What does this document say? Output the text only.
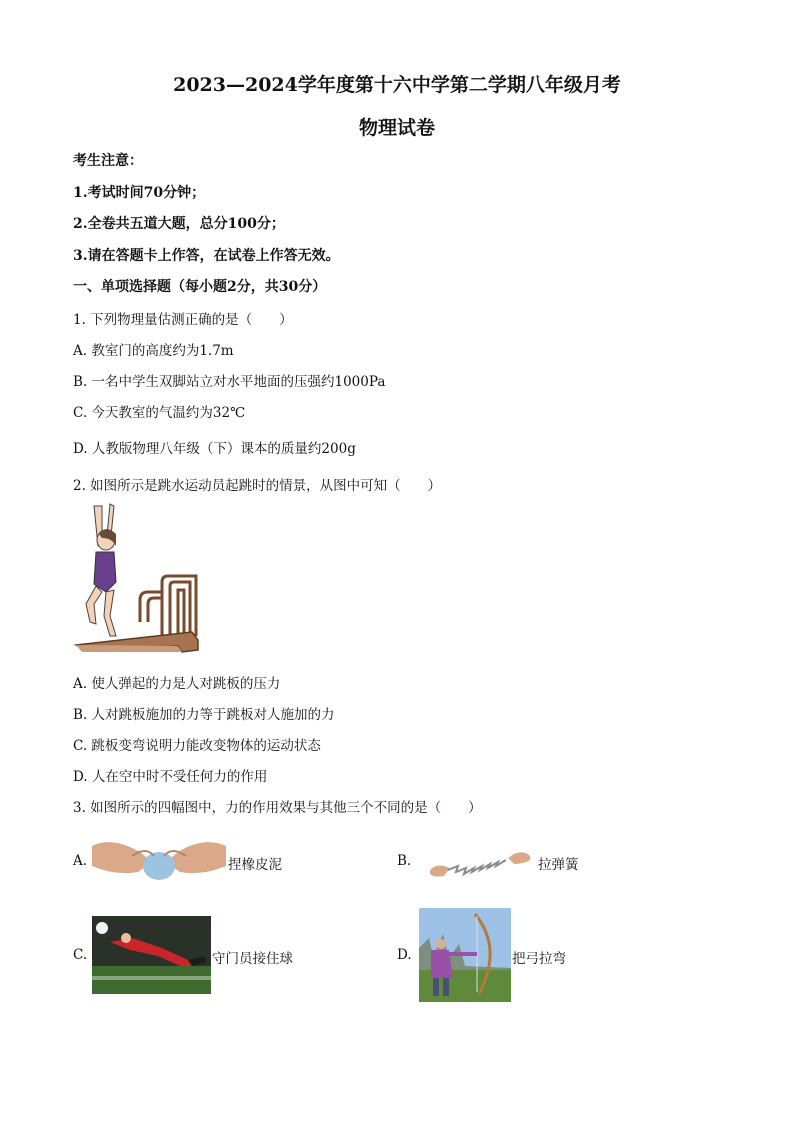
2023—2024学年度第十六中学第二学期八年级月考
物理试卷
考生注意：
1.考试时间70分钟；
2.全卷共五道大题，总分100分；
3.请在答题卡上作答，在试卷上作答无效。
一、单项选择题（每小题2分，共30分）
1. 下列物理量估测正确的是（　　）
A. 教室门的高度约为1.7m
B. 一名中学生双脚站立对水平地面的压强约1000Pa
C. 今天教室的气温约为32℃
D. 人教版物理八年级（下）课本的质量约200g
2. 如图所示是跳水运动员起跳时的情景，从图中可知（　　）
A. 使人弹起的力是人对跳板的压力
B. 人对跳板施加的力等于跳板对人施加的力
C. 跳板变弯说明力能改变物体的运动状态
D. 人在空中时不受任何力的作用
3. 如图所示的四幅图中，力的作用效果与其他三个不同的是（　　）
A.	捏橡皮泥	B.	拉弹簧
C.	守门员接住球	D.	把弓拉弯
